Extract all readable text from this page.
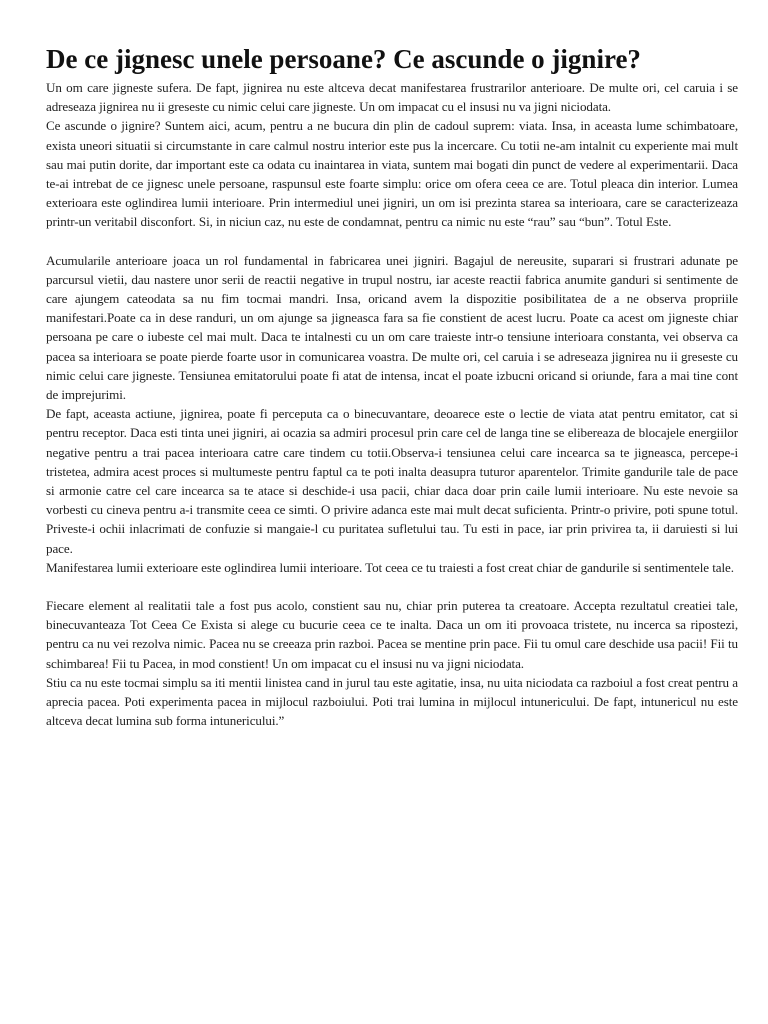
De ce jignesc unele persoane? Ce ascunde o jignire?

Un om care jigneste sufera. De fapt, jignirea nu este altceva decat manifestarea frustrarilor anterioare. De multe ori, cel caruia i se adreseaza jignirea nu ii greseste cu nimic celui care jigneste. Un om impacat cu el insusi nu va jigni niciodata.

Ce ascunde o jignire? Suntem aici, acum, pentru a ne bucura din plin de cadoul suprem: viata. Insa, in aceasta lume schimbatoare, exista uneori situatii si circumstante in care calmul nostru interior este pus la incercare. Cu totii ne-am intalnit cu experiente mai mult sau mai putin dorite, dar important este ca odata cu inaintarea in viata, suntem mai bogati din punct de vedere al experimentarii. Daca te-ai intrebat de ce jignesc unele persoane, raspunsul este foarte simplu: orice om ofera ceea ce are. Totul pleaca din interior. Lumea exterioara este oglindirea lumii interioare. Prin intermediul unei jigniri, un om isi prezinta starea sa interioara, care se caracterizeaza printr-un veritabil disconfort. Si, in niciun caz, nu este de condamnat, pentru ca nimic nu este “rau” sau “bun”. Totul Este.

Acumularile anterioare joaca un rol fundamental in fabricarea unei jigniri. Bagajul de nereusite, suparari si frustrari adunate pe parcursul vietii, dau nastere unor serii de reactii negative in trupul nostru, iar aceste reactii fabrica anumite ganduri si sentimente de care ajungem cateodata sa nu fim tocmai mandri. Insa, oricand avem la dispozitie posibilitatea de a ne observa propriile manifestari.Poate ca in dese randuri, un om ajunge sa jigneasca fara sa fie constient de acest lucru. Poate ca acest om jigneste chiar persoana pe care o iubeste cel mai mult. Daca te intalnesti cu un om care traieste intr-o tensiune interioara constanta, vei observa ca pacea sa interioara se poate pierde foarte usor in comunicarea voastra. De multe ori, cel caruia i se adreseaza jignirea nu ii greseste cu nimic celui care jigneste. Tensiunea emitatorului poate fi atat de intensa, incat el poate izbucni oricand si oriunde, fara a mai tine cont de imprejurimi.

De fapt, aceasta actiune, jignirea, poate fi perceputa ca o binecuvantare, deoarece este o lectie de viata atat pentru emitator, cat si pentru receptor. Daca esti tinta unei jigniri, ai ocazia sa admiri procesul prin care cel de langa tine se elibereaza de blocajele energiilor negative pentru a trai pacea interioara catre care tindem cu totii.Observa-i tensiunea celui care incearca sa te jigneasca, percepe-i tristetea, admira acest proces si multumeste pentru faptul ca te poti inalta deasupra tuturor aparentelor. Trimite gandurile tale de pace si armonie catre cel care incearca sa te atace si deschide-i usa pacii, chiar daca doar prin caile lumii interioare. Nu este nevoie sa vorbesti cu cineva pentru a-i transmite ceea ce simti. O privire adanca este mai mult decat suficienta. Printr-o privire, poti spune totul. Priveste-i ochii inlacrimati de confuzie si mangaie-l cu puritatea sufletului tau. Tu esti in pace, iar prin privirea ta, ii daruiesti si lui pace.

Manifestarea lumii exterioare este oglindirea lumii interioare. Tot ceea ce tu traiesti a fost creat chiar de gandurile si sentimentele tale.

Fiecare element al realitatii tale a fost pus acolo, constient sau nu, chiar prin puterea ta creatoare. Accepta rezultatul creatiei tale, binecuvanteaza Tot Ceea Ce Exista si alege cu bucurie ceea ce te inalta. Daca un om iti provoaca tristete, nu incerca sa ripostezi, pentru ca nu vei rezolva nimic. Pacea nu se creeaza prin razboi. Pacea se mentine prin pace. Fii tu omul care deschide usa pacii! Fii tu schimbarea! Fii tu Pacea, in mod constient! Un om impacat cu el insusi nu va jigni niciodata.

Stiu ca nu este tocmai simplu sa iti mentii linistea cand in jurul tau este agitatie, insa, nu uita niciodata ca razboiul a fost creat pentru a aprecia pacea. Poti experimenta pacea in mijlocul razboiului. Poti trai lumina in mijlocul intunericului. De fapt, intunericul nu este altceva decat lumina sub forma intunericului.”
